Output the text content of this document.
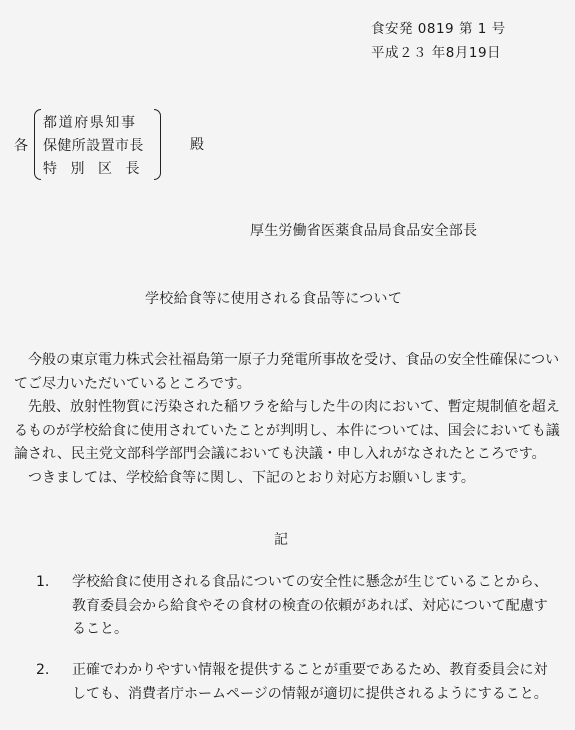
食安発 0819 第 1 号
平成２３ 年8月19日
各
都道府県知事
保健所設置市長
特別区長
殿
厚生労働省医薬食品局食品安全部長
学校給食等に使用される食品等について

今般の東京電力株式会社福島第一原子力発電所事故を受け、食品の安全性確保についてご尽力いただいているところです。

先般、放射性物質に汚染された稲ワラを給与した牛の肉において、暫定規制値を超えるものが学校給食に使用されていたことが判明し、本件については、国会においても議論され、民主党文部科学部門会議においても決議・申し入れがなされたところです。

つきましては、学校給食等に関し、下記のとおり対応方お願いします。

記
1.	学校給食に使用される食品についての安全性に懸念が生じていることから、教育委員会から給食やその食材の検査の依頼があれば、対応について配慮すること。
2.	正確でわかりやすい情報を提供することが重要であるため、教育委員会に対しても、消費者庁ホームページの情報が適切に提供されるようにすること。
